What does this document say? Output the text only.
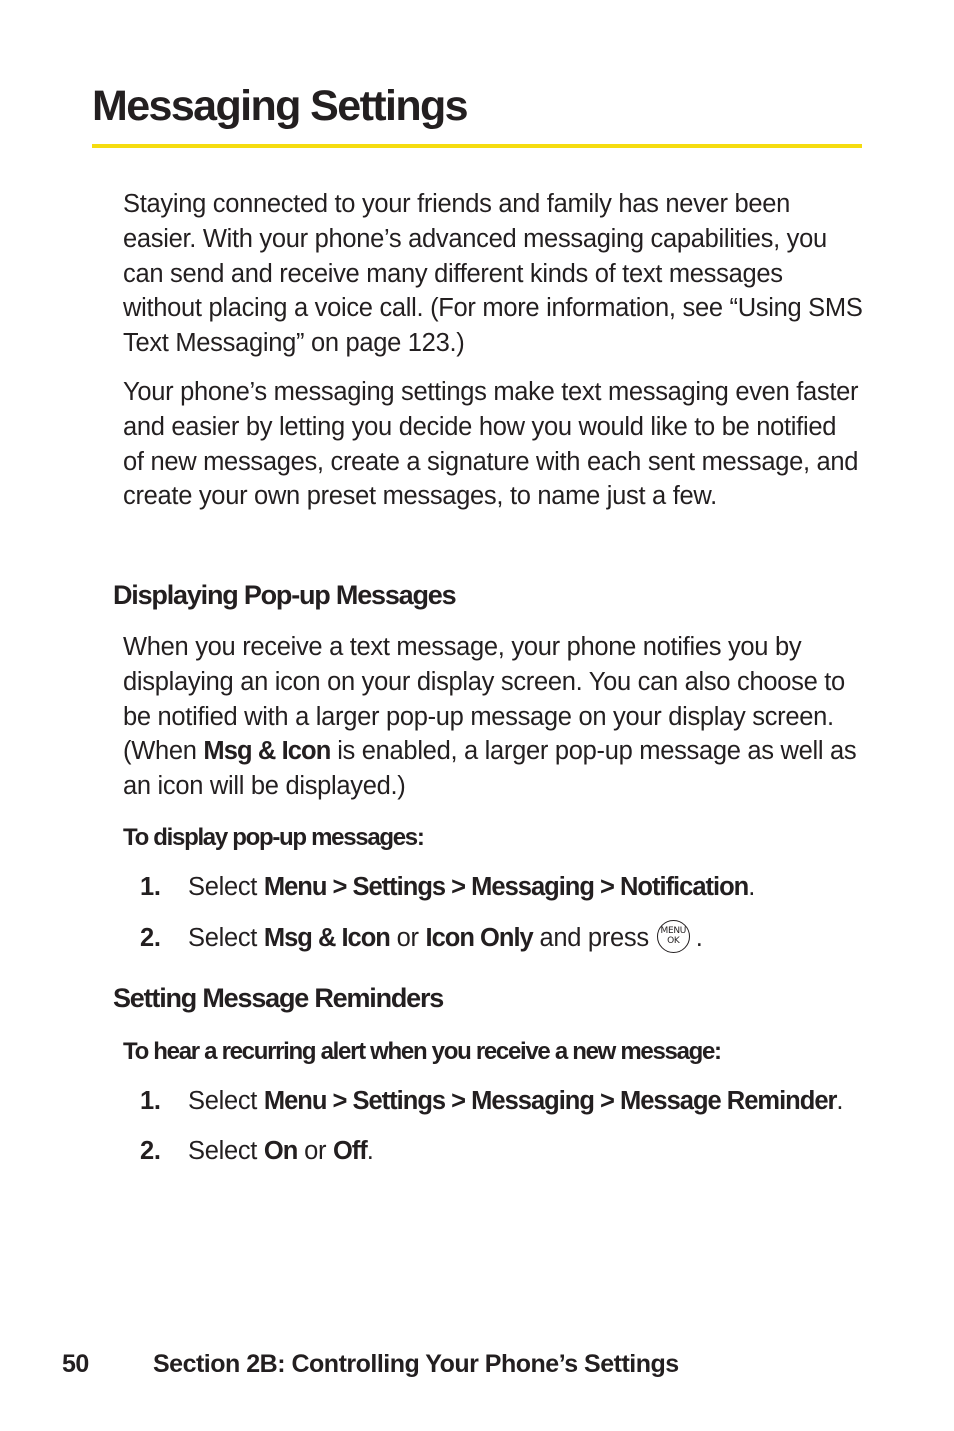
Messaging Settings
Staying connected to your friends and family has never been easier. With your phone’s advanced messaging capabilities, you can send and receive many different kinds of text messages without placing a voice call. (For more information, see “Using SMS Text Messaging” on page 123.)
Your phone’s messaging settings make text messaging even faster and easier by letting you decide how you would like to be notified of new messages, create a signature with each sent message, and create your own preset messages, to name just a few.
Displaying Pop-up Messages
When you receive a text message, your phone notifies you by displaying an icon on your display screen. You can also choose to be notified with a larger pop-up message on your display screen. (When Msg & Icon is enabled, a larger pop-up message as well as an icon will be displayed.)
To display pop-up messages:
1. Select Menu > Settings > Messaging > Notification.
2. Select Msg & Icon or Icon Only and press MENU
OK .
Setting Message Reminders
To hear a recurring alert when you receive a new message:
1. Select Menu > Settings > Messaging > Message Reminder.
2. Select On or Off.
50	Section 2B: Controlling Your Phone’s Settings
